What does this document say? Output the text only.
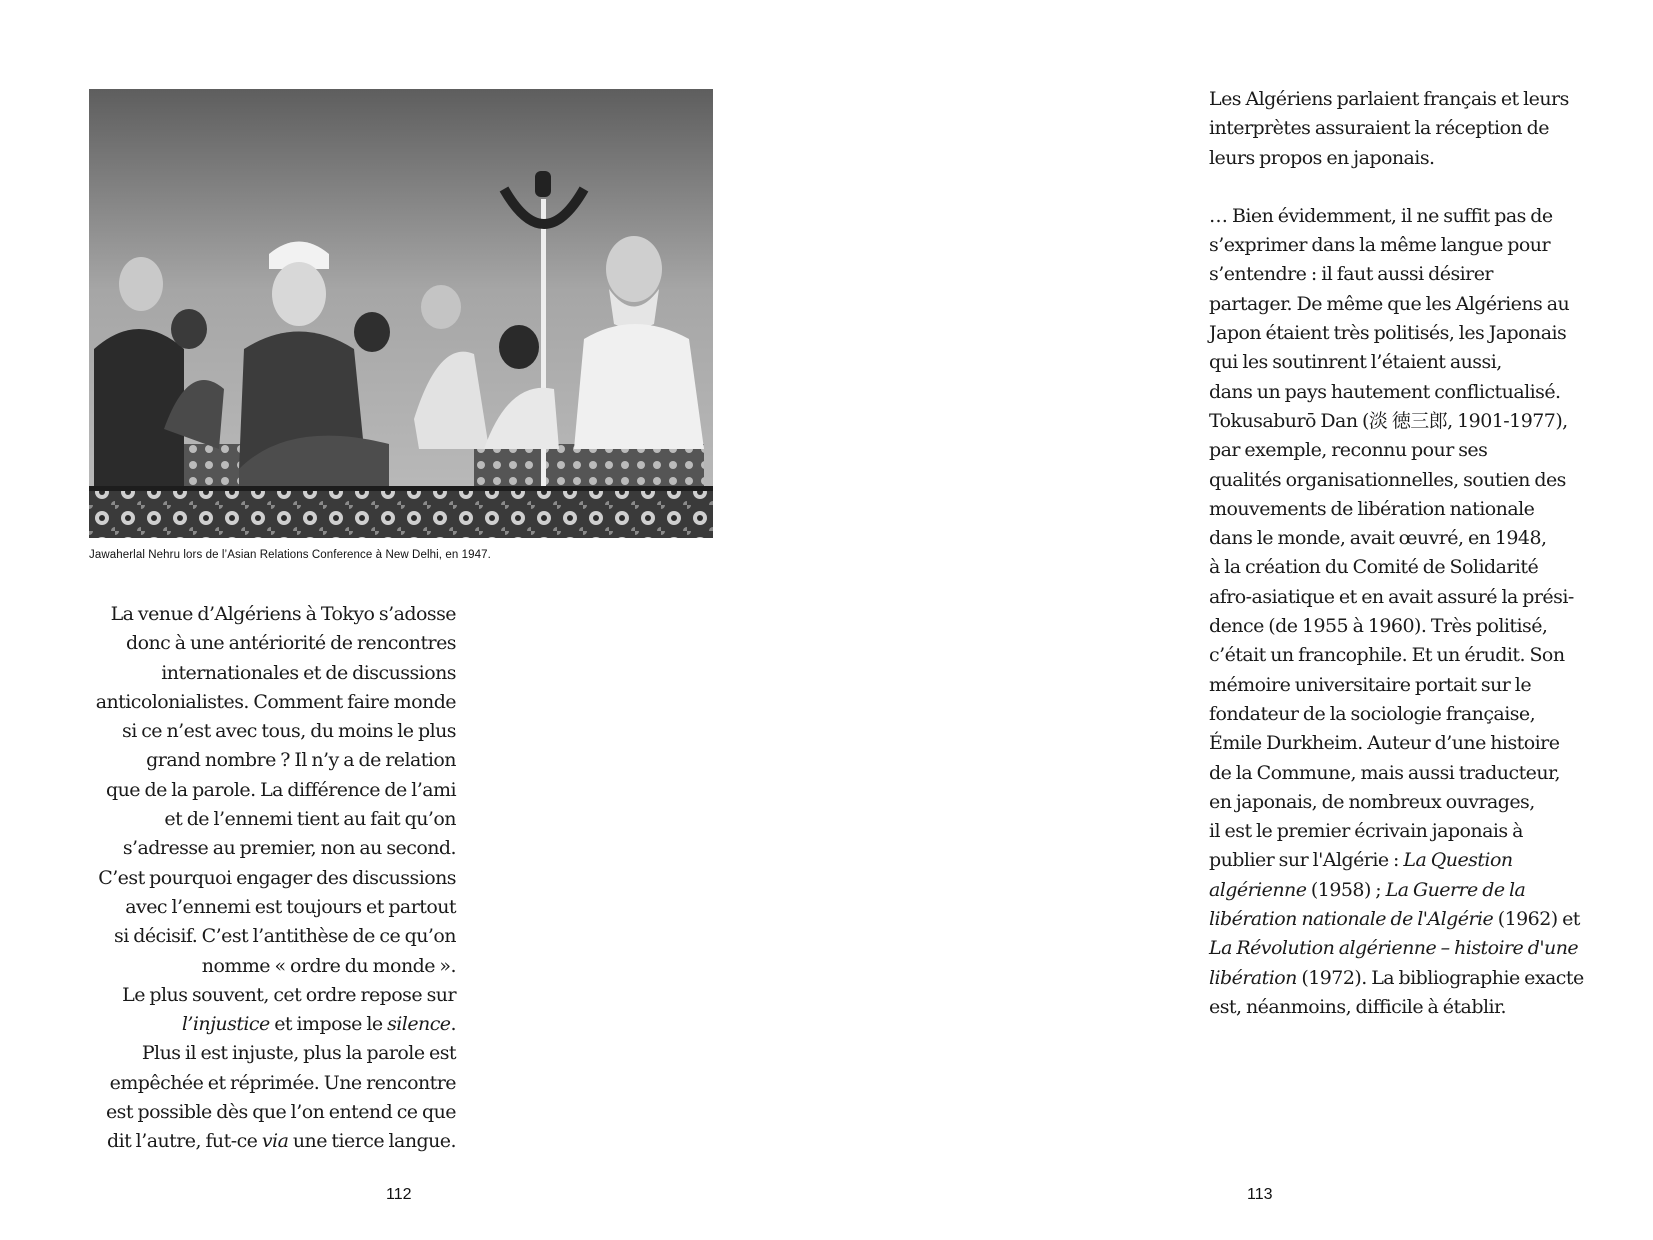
Jawaherlal Nehru lors de l’Asian Relations Conference à New Delhi, en 1947.
La venue d’Algériens à Tokyo s’adosse
donc à une antériorité de rencontres
internationales et de discussions
anticolonialistes. Comment faire monde
si ce n’est avec tous, du moins le plus
grand nombre ? Il n’y a de relation
que de la parole. La différence de l’ami
et de l’ennemi tient au fait qu’on
s’adresse au premier, non au second.
C’est pourquoi engager des discussions
avec l’ennemi est toujours et partout
si décisif. C’est l’antithèse de ce qu’on
nomme « ordre du monde ».
Le plus souvent, cet ordre repose sur
l’injustice et impose le silence.
Plus il est injuste, plus la parole est
empêchée et réprimée. Une rencontre
est possible dès que l’on entend ce que
dit l’autre, fut-ce via une tierce langue.
112
Les Algériens parlaient français et leurs
interprètes assuraient la réception de
leurs propos en japonais.
… Bien évidemment, il ne suffit pas de
s’exprimer dans la même langue pour
s’entendre : il faut aussi désirer
partager. De même que les Algériens au
Japon étaient très politisés, les Japonais
qui les soutinrent l’étaient aussi,
dans un pays hautement conflictualisé.
Tokusaburō Dan (淡 徳三郎, 1901-1977),
par exemple, reconnu pour ses
qualités organisationnelles, soutien des
mouvements de libération nationale
dans le monde, avait œuvré, en 1948,
à la création du Comité de Solidarité
afro-asiatique et en avait assuré la prési-
dence (de 1955 à 1960). Très politisé,
c’était un francophile. Et un érudit. Son
mémoire universitaire portait sur le
fondateur de la sociologie française,
Émile Durkheim. Auteur d’une histoire
de la Commune, mais aussi traducteur,
en japonais, de nombreux ouvrages,
il est le premier écrivain japonais à
publier sur l'Algérie : La Question
algérienne (1958) ; La Guerre de la
libération nationale de l'Algérie (1962) et
La Révolution algérienne – histoire d'une
libération (1972). La bibliographie exacte
est, néanmoins, difficile à établir.
113
